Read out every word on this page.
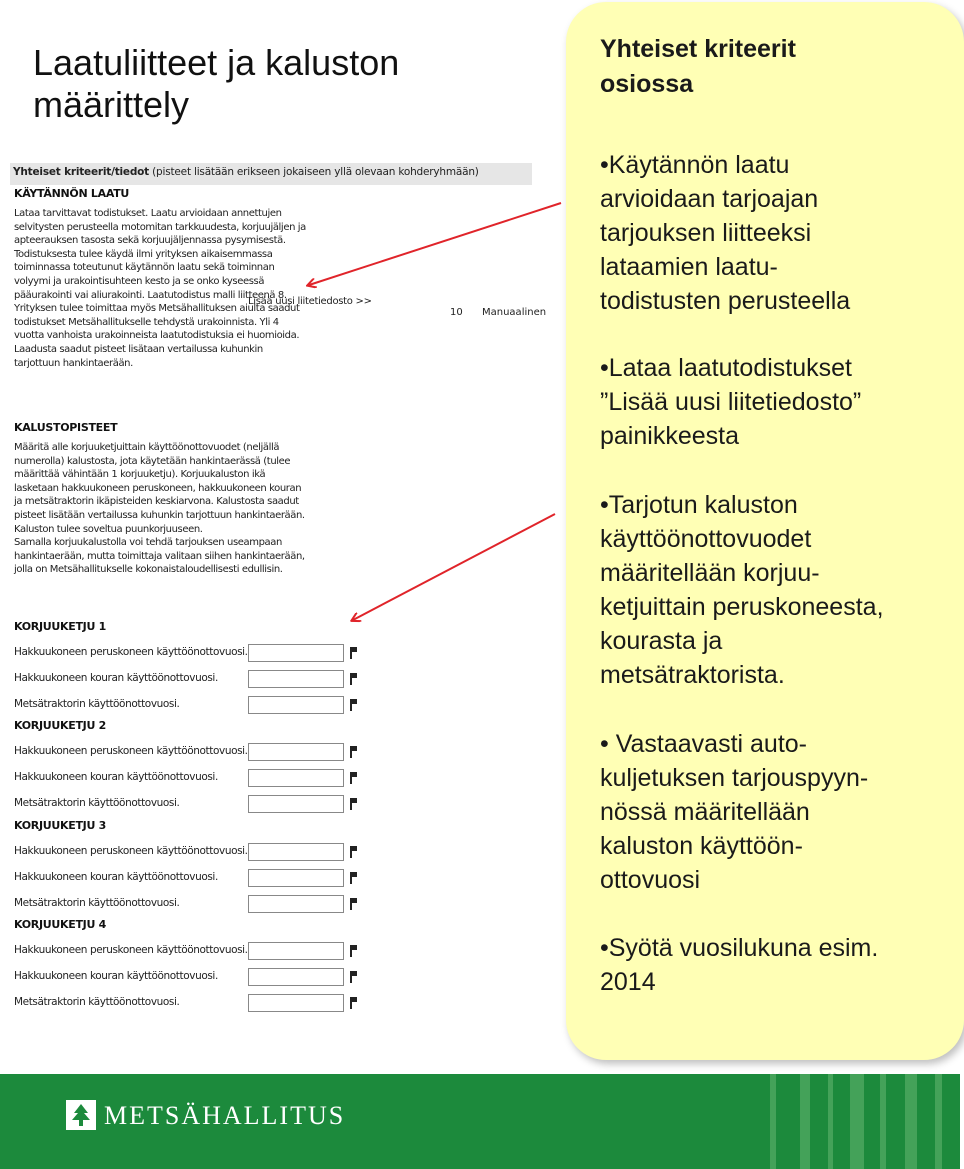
Laatuliitteet ja kaluston
määrittely
Yhteiset kriteerit/tiedot (pisteet lisätään erikseen jokaiseen yllä olevaan kohderyhmään)
KÄYTÄNNÖN LAATU
Lataa tarvittavat todistukset. Laatu arvioidaan annettujen
selvitysten perusteella motomitan tarkkuudesta, korjuujäljen ja
apteerauksen tasosta sekä korjuujäljennassa pysymisestä.
Todistuksesta tulee käydä ilmi yrityksen aikaisemmassa
toiminnassa toteutunut käytännön laatu sekä toiminnan
volyymi ja urakointisuhteen kesto ja se onko kyseessä
pääurakointi vai aliurakointi. Laatutodistus malli liitteenä 8.
Yrityksen tulee toimittaa myös Metsähallituksen aiulta saadut
todistukset Metsähallitukselle tehdystä urakoinnista. Yli 4
vuotta vanhoista urakoinneista laatutodistuksia ei huomioida.
Laadusta saadut pisteet lisätaan vertailussa kuhunkin
tarjottuun hankintaerään.
Lisää uusi liitetiedosto >>
10 Manuaalinen
KALUSTOPISTEET
Määritä alle korjuuketjuittain käyttöönottovuodet (neljällä
numerolla) kalustosta, jota käytetään hankintaerässä (tulee
määrittää vähintään 1 korjuuketju). Korjuukaluston ikä
lasketaan hakkuukoneen peruskoneen, hakkuukoneen kouran
ja metsätraktorin ikäpisteiden keskiarvona. Kalustosta saadut
pisteet lisätään vertailussa kuhunkin tarjottuun hankintaerään.
Kaluston tulee soveltua puunkorjuuseen.
Samalla korjuukalustolla voi tehdä tarjouksen useampaan
hankintaerään, mutta toimittaja valitaan siihen hankintaerään,
jolla on Metsähallitukselle kokonaistaloudellisesti edullisin.
KORJUUKETJU 1
Hakkuukoneen peruskoneen käyttöönottovuosi.
Hakkuukoneen kouran käyttöönottovuosi.
Metsätraktorin käyttöönottovuosi.
KORJUUKETJU 2
Hakkuukoneen peruskoneen käyttöönottovuosi.
Hakkuukoneen kouran käyttöönottovuosi.
Metsätraktorin käyttöönottovuosi.
KORJUUKETJU 3
Hakkuukoneen peruskoneen käyttöönottovuosi.
Hakkuukoneen kouran käyttöönottovuosi.
Metsätraktorin käyttöönottovuosi.
KORJUUKETJU 4
Hakkuukoneen peruskoneen käyttöönottovuosi.
Hakkuukoneen kouran käyttöönottovuosi.
Metsätraktorin käyttöönottovuosi.
Yhteiset kriteerit
osiossa
•Käytännön laatu
arvioidaan tarjoajan
tarjouksen liitteeksi
lataamien laatu-
todistusten perusteella
•Lataa laatutodistukset
”Lisää uusi liitetiedosto”
painikkeesta
•Tarjotun kaluston
käyttöönottovuodet
määritellään korjuu-
ketjuittain peruskoneesta,
kourasta ja
metsätraktorista.
• Vastaavasti auto-
kuljetuksen tarjouspyyn-
nössä määritellään
kaluston käyttöön-
ottovuosi
•Syötä vuosilukuna esim.
2014
METSÄHALLITUS
